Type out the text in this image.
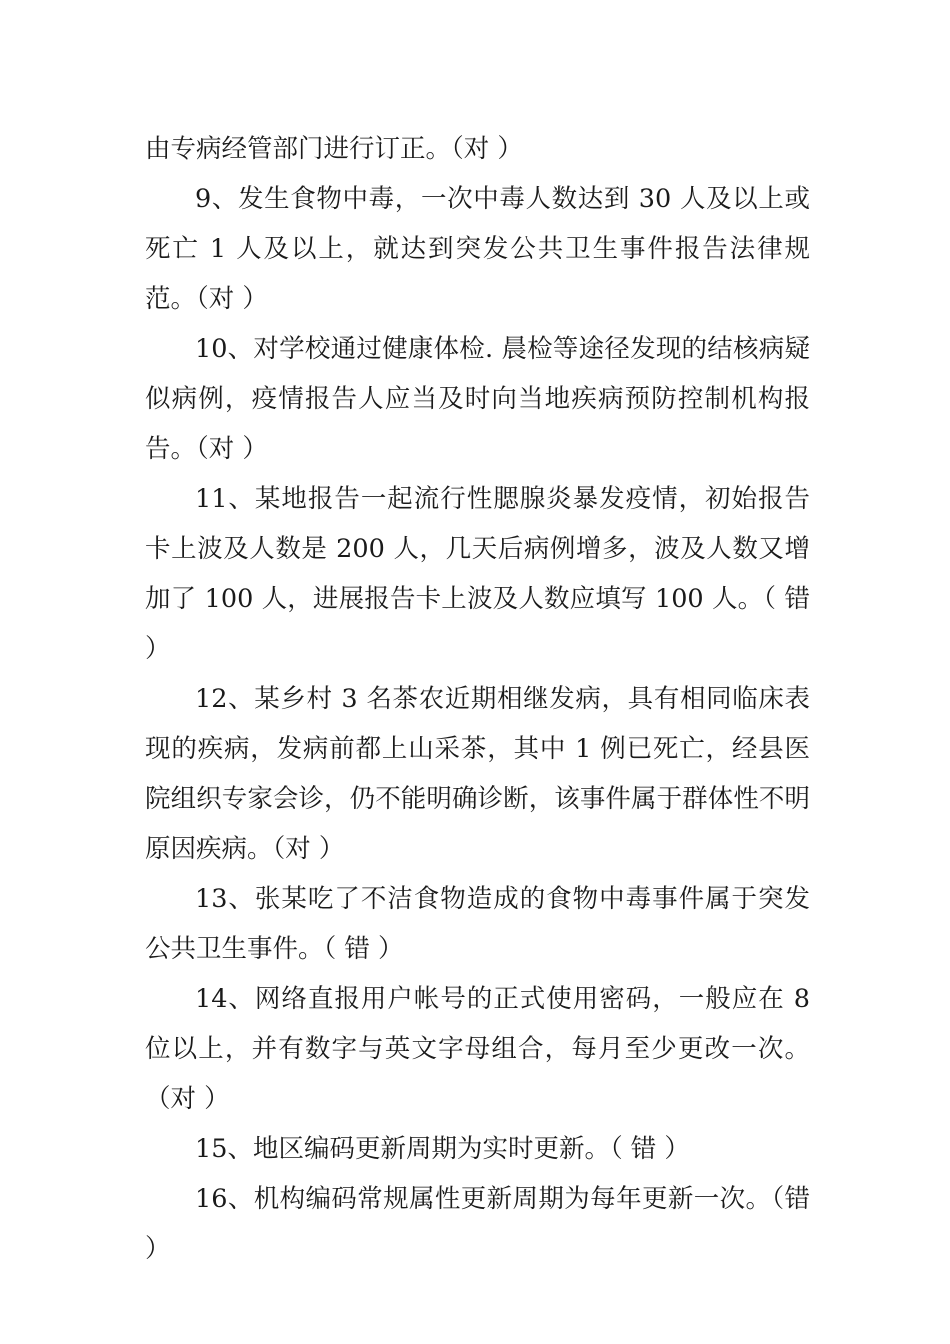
由专病经管部门进行订正。（对 ）

9、发生食物中毒，一次中毒人数达到 30 人及以上或死亡 1 人及以上，就达到突发公共卫生事件报告法律规范。（对 ）

10、对学校通过健康体检. 晨检等途径发现的结核病疑似病例，疫情报告人应当及时向当地疾病预防控制机构报告。（对 ）

11、某地报告一起流行性腮腺炎暴发疫情，初始报告卡上波及人数是 200 人，几天后病例增多，波及人数又增加了 100 人，进展报告卡上波及人数应填写 100 人。（ 错 ）

12、某乡村 3 名茶农近期相继发病，具有相同临床表现的疾病，发病前都上山采茶，其中 1 例已死亡，经县医院组织专家会诊，仍不能明确诊断，该事件属于群体性不明原因疾病。（对 ）

13、张某吃了不洁食物造成的食物中毒事件属于突发公共卫生事件。（ 错 ）

14、网络直报用户帐号的正式使用密码，一般应在 8 位以上，并有数字与英文字母组合，每月至少更改一次。（对 ）

15、地区编码更新周期为实时更新。（ 错 ）

16、机构编码常规属性更新周期为每年更新一次。（错 ）
